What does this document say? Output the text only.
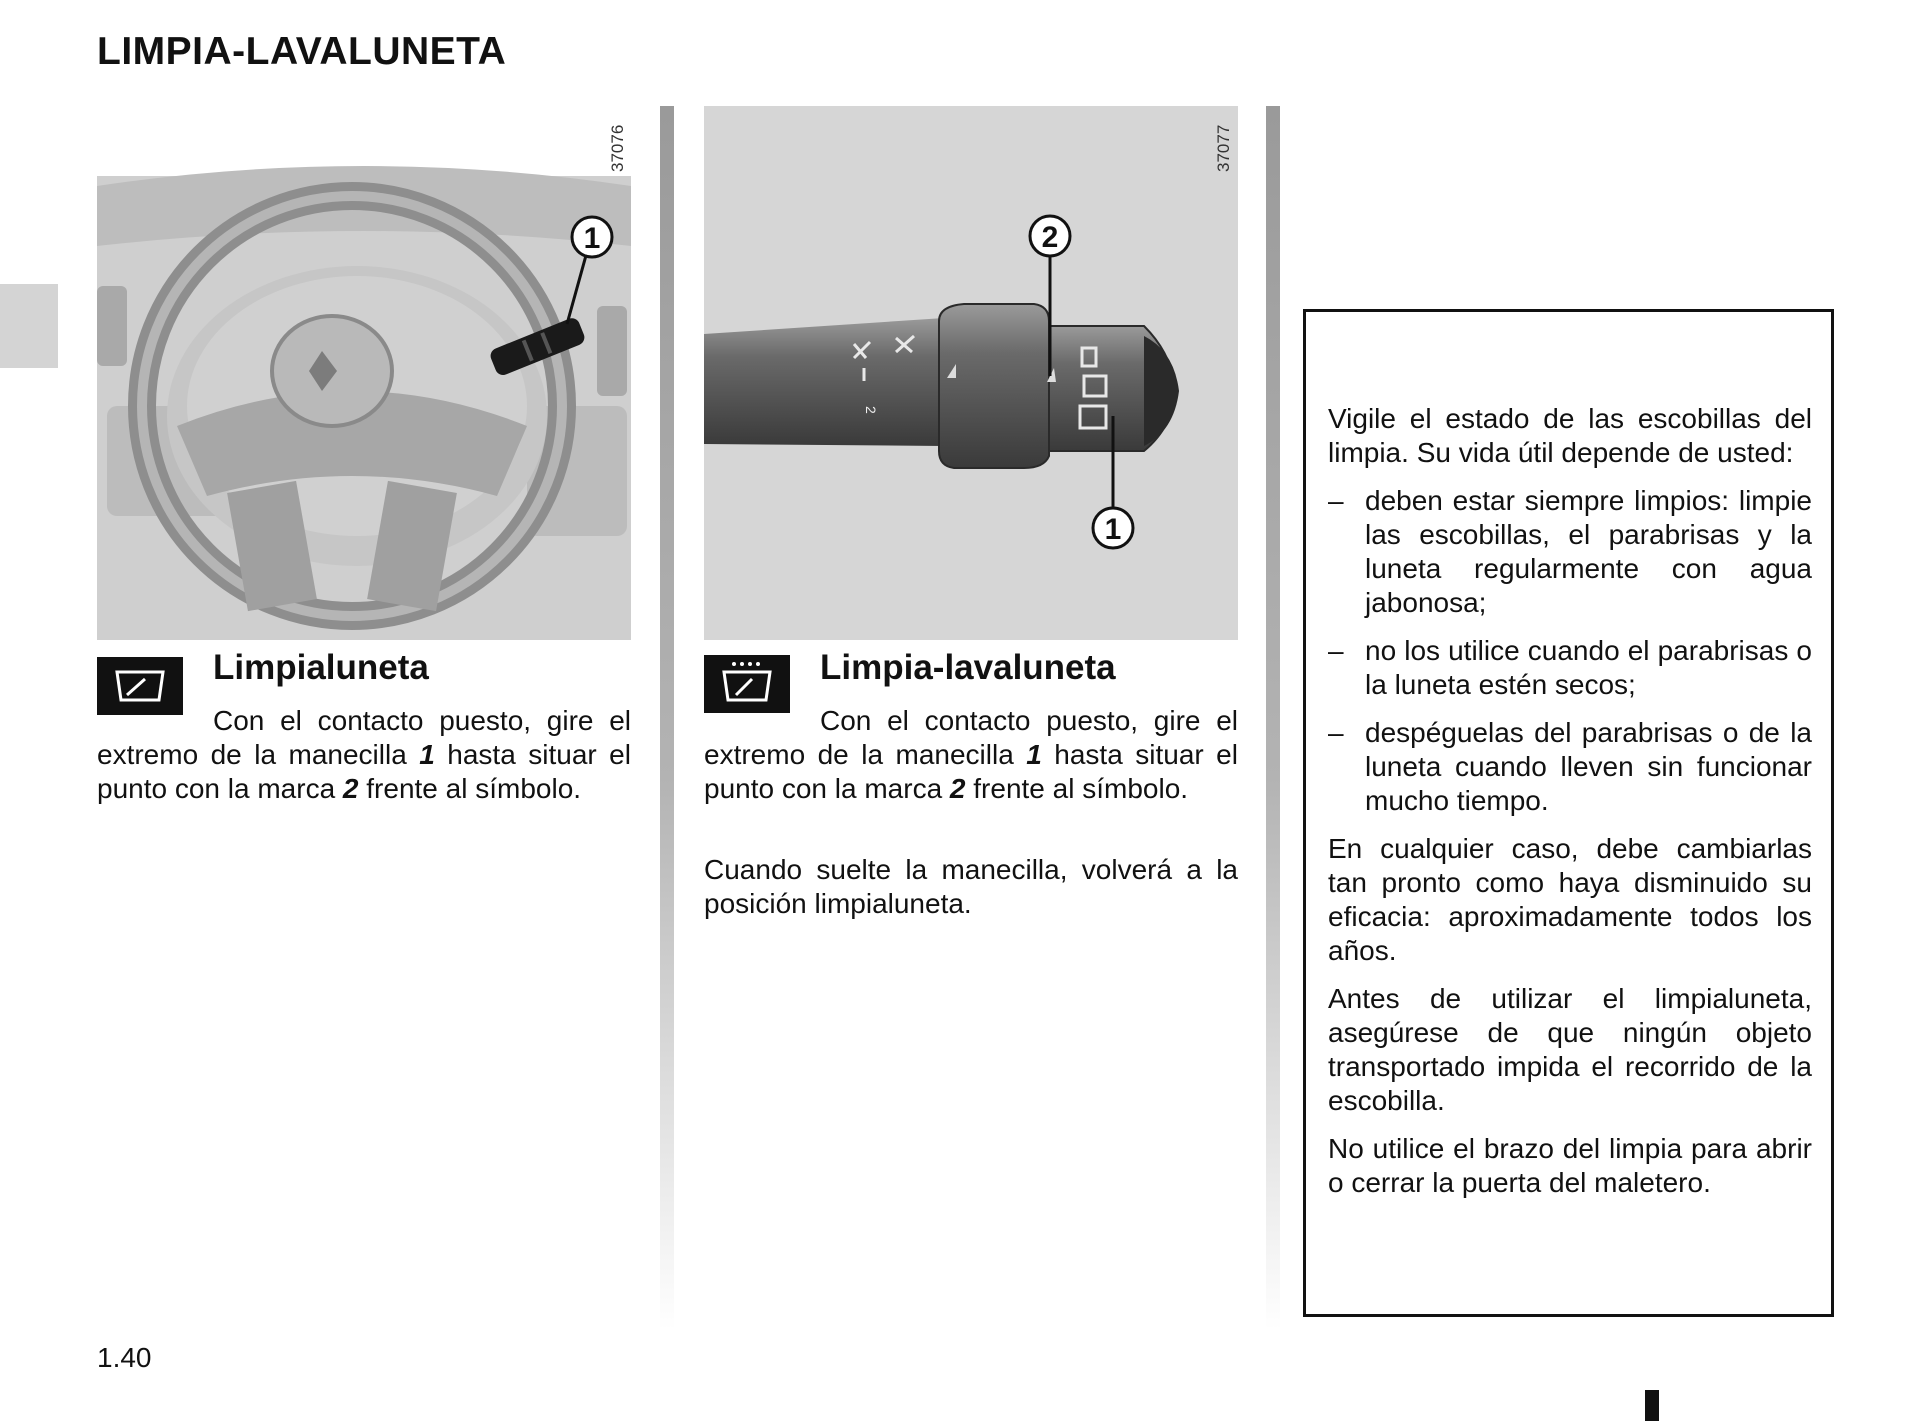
LIMPIA-LAVALUNETA
1
37076
2
2
1
37077
Limpialuneta
Con el contacto puesto, gire el extremo de la manecilla 1 hasta situar el punto con la marca 2 frente al símbolo.
Limpia-lavaluneta
Con el contacto puesto, gire el extremo de la manecilla 1 hasta situar el punto con la marca 2 frente al símbolo.
Cuando suelte la manecilla, volverá a la posición limpialuneta.

Vigile el estado de las escobillas del limpia. Su vida útil depende de usted:

– deben estar siempre limpios: limpie las escobillas, el parabrisas y la luneta regularmente con agua jabonosa;
– no los utilice cuando el parabrisas o la luneta estén secos;
– despéguelas del parabrisas o de la luneta cuando lleven sin funcionar mucho tiempo.

En cualquier caso, debe cambiarlas tan pronto como haya disminuido su eficacia: aproximadamente todos los años.

Antes de utilizar el limpialuneta, asegúrese de que ningún objeto transportado impida el recorrido de la escobilla.

No utilice el brazo del limpia para abrir o cerrar la puerta del maletero.

1.40
